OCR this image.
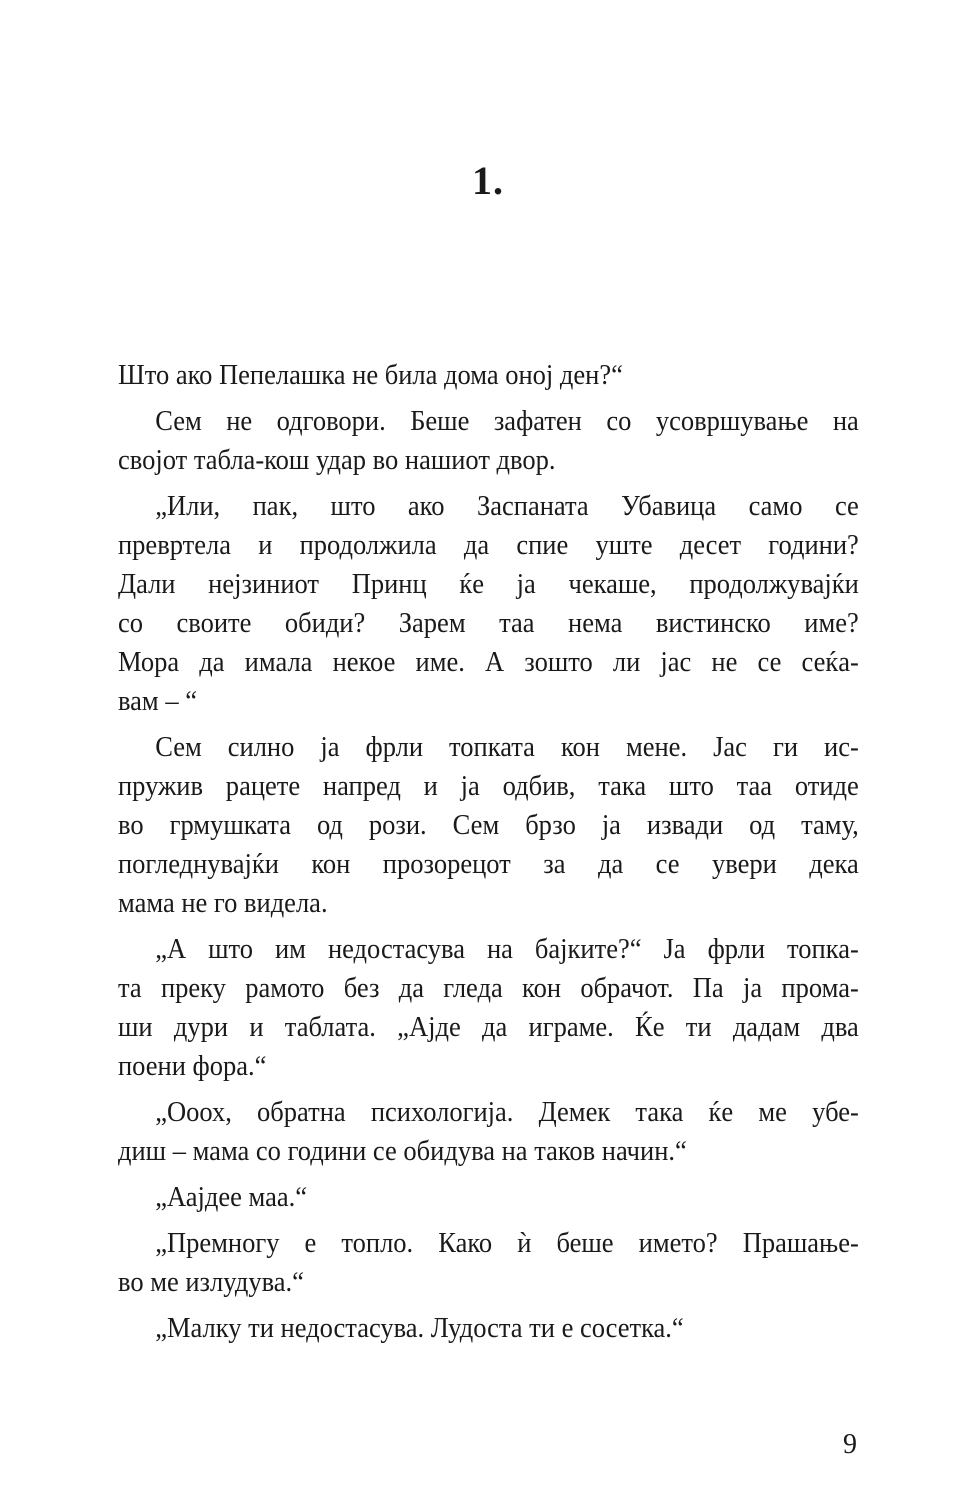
1.
Што ако Пепелашка не била дома оној ден?“
Сем не одговори. Беше зафатен со усовршување на
својот табла-кош удар во нашиот двор.
„Или, пак, што ако Заспаната Убавица само се
превртела и продолжила да спие уште десет години?
Дали нејзиниот Принц ќе ја чекаше, продолжувајќи
со своите обиди? Зарем таа нема вистинско име?
Мора да имала некое име. А зошто ли јас не се сеќа-
вам – “
Сем силно ја фрли топката кон мене. Јас ги ис-
пружив рацете напред и ја одбив, така што таа отиде
во грмушката од рози. Сем брзо ја извади од таму,
погледнувајќи кон прозорецот за да се увери дека
мама не го видела.
„А што им недостасува на бајките?“ Ја фрли топка-
та преку рамото без да гледа кон обрачот. Па ја прома-
ши дури и таблата. „Ајде да играме. Ќе ти дадам два
поени фора.“
„Ооох, обратна психологија. Демек така ќе ме убе-
диш – мама со години се обидува на таков начин.“
„Аајдее маа.“
„Премногу е топло. Како ѝ беше името? Прашање-
во ме излудува.“
„Малку ти недостасува. Лудоста ти е сосетка.“
9
